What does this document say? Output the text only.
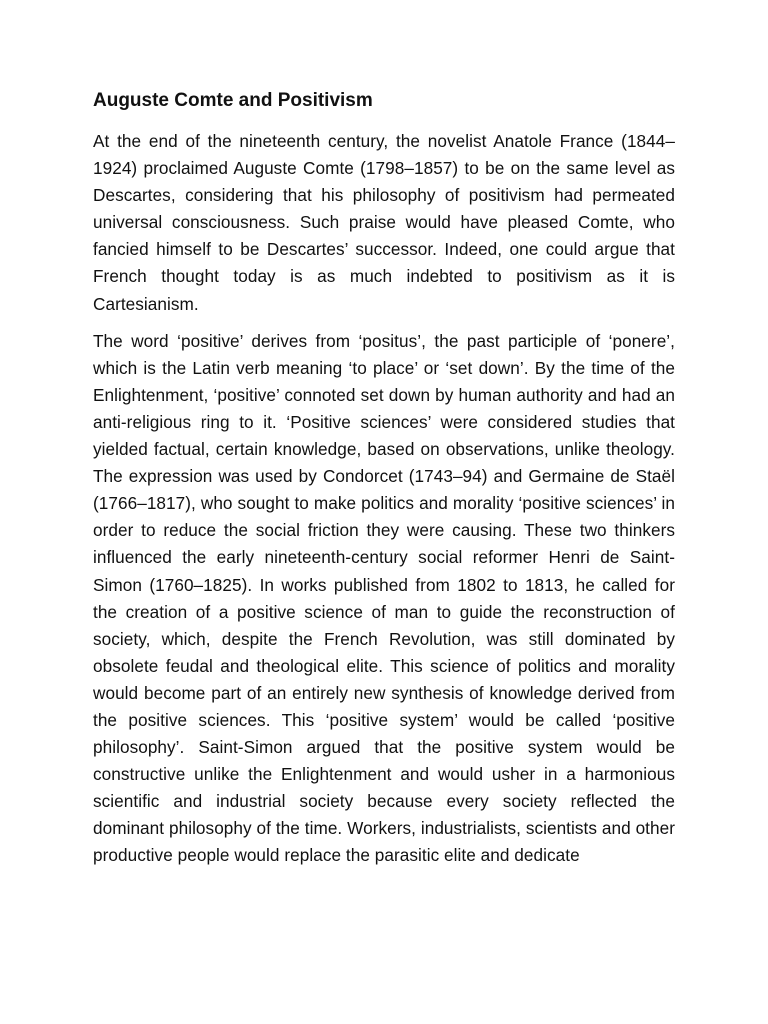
Auguste Comte and Positivism

At the end of the nineteenth century, the novelist Anatole France (1844–1924) proclaimed Auguste Comte (1798–1857) to be on the same level as Descartes, considering that his philosophy of positivism had permeated universal consciousness. Such praise would have pleased Comte, who fancied himself to be Descartes’ successor. Indeed, one could argue that French thought today is as much indebted to positivism as it is Cartesianism.

The word ‘positive’ derives from ‘positus’, the past participle of ‘ponere’, which is the Latin verb meaning ‘to place’ or ‘set down’. By the time of the Enlightenment, ‘positive’ connoted set down by human authority and had an anti-religious ring to it. ‘Positive sciences’ were considered studies that yielded factual, certain knowledge, based on observations, unlike theology. The expression was used by Condorcet (1743–94) and Germaine de Staël (1766–1817), who sought to make politics and morality ‘positive sciences’ in order to reduce the social friction they were causing. These two thinkers influenced the early nineteenth-century social reformer Henri de Saint-Simon (1760–1825). In works published from 1802 to 1813, he called for the creation of a positive science of man to guide the reconstruction of society, which, despite the French Revolution, was still dominated by obsolete feudal and theological elite. This science of politics and morality would become part of an entirely new synthesis of knowledge derived from the positive sciences. This ‘positive system’ would be called ‘positive philosophy’. Saint-Simon argued that the positive system would be constructive unlike the Enlightenment and would usher in a harmonious scientific and industrial society because every society reflected the dominant philosophy of the time. Workers, industrialists, scientists and other productive people would replace the parasitic elite and dedicate
